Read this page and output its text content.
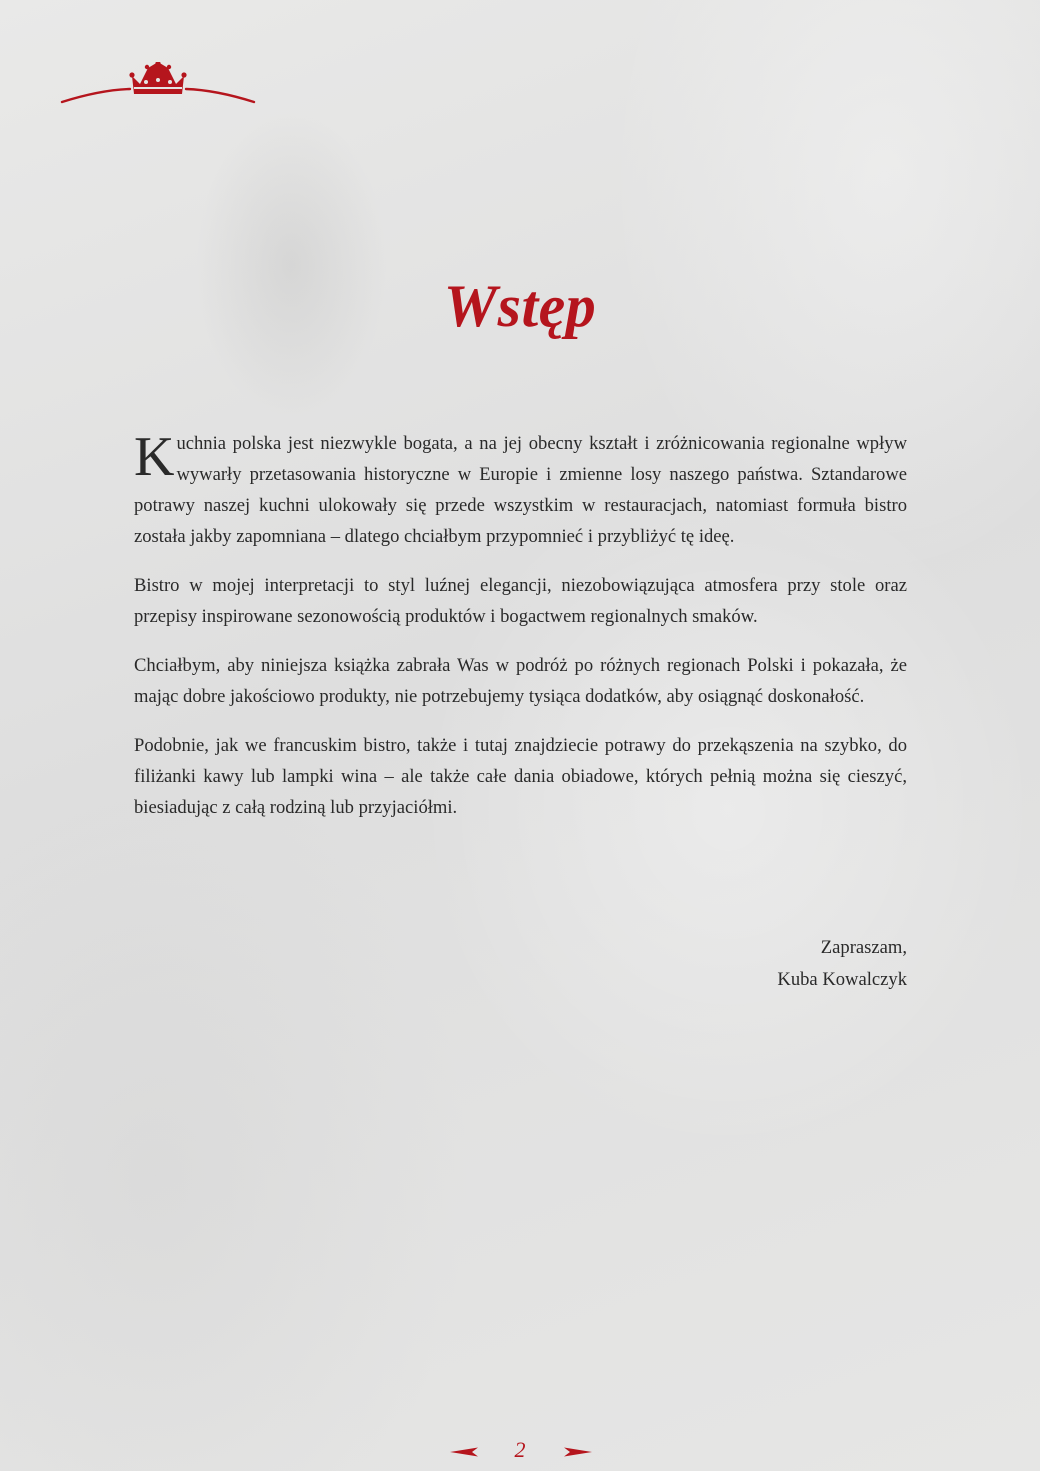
Wstęp

Kuchnia polska jest niezwykle bogata, a na jej obecny kształt i zróżnicowania regionalne wpływ wywarły przetasowania historyczne w Europie i zmienne losy naszego państwa. Sztandarowe potrawy naszej kuchni ulokowały się przede wszystkim w restauracjach, natomiast formuła bistro została jakby zapomniana – dlatego chciałbym przypomnieć i przybliżyć tę ideę.

Bistro w mojej interpretacji to styl luźnej elegancji, niezobowiązująca atmosfera przy stole oraz przepisy inspirowane sezonowością produktów i bogactwem regionalnych smaków.

Chciałbym, aby niniejsza książka zabrała Was w podróż po różnych regionach Polski i pokazała, że mając dobre jakościowo produkty, nie potrzebujemy tysiąca dodatków, aby osiągnąć doskonałość.

Podobnie, jak we francuskim bistro, także i tutaj znajdziecie potrawy do przekąszenia na szybko, do filiżanki kawy lub lampki wina – ale także całe dania obiadowe, których pełnią można się cieszyć, biesiadując z całą rodziną lub przyjaciółmi.

Zapraszam,
Kuba Kowalczyk
2
